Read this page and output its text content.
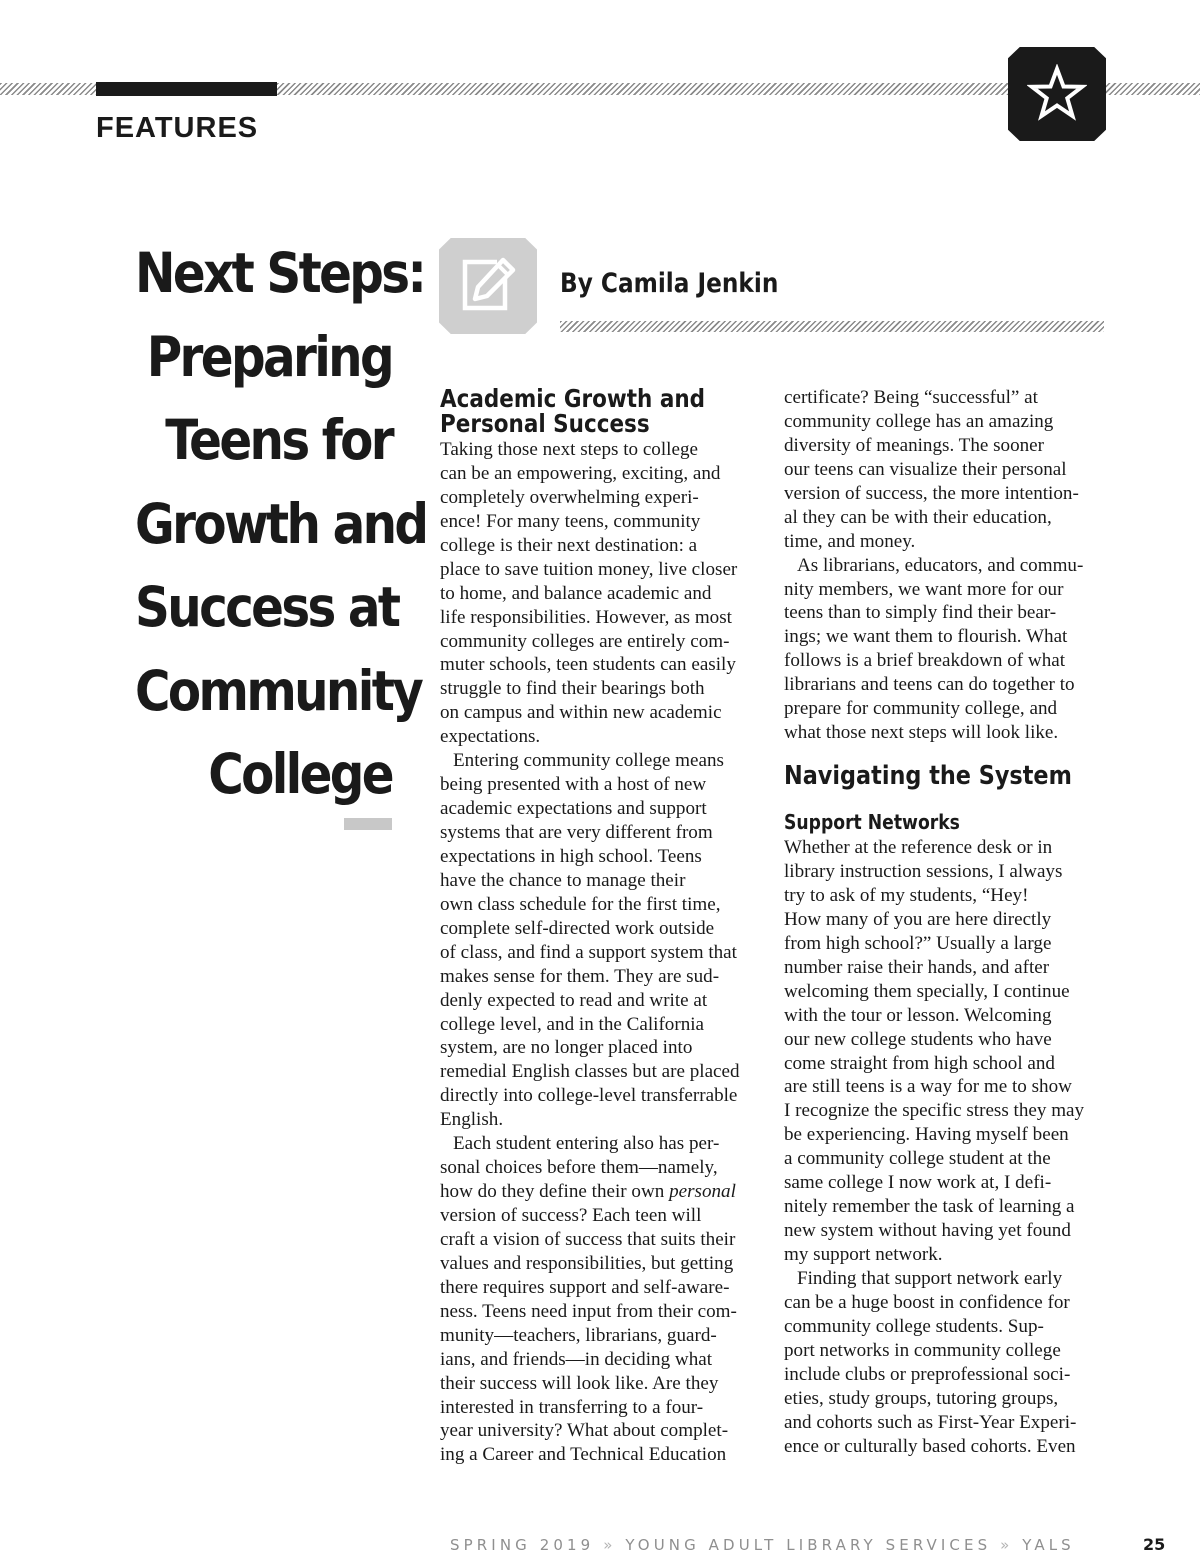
FEATURES
Next Steps:
Preparing
Teens for
Growth and
Success at
Community
College
By Camila Jenkin
Academic Growth and
Personal Success
Taking those next steps to college
can be an empowering, exciting, and
completely overwhelming experi-
ence! For many teens, community
college is their next destination: a
place to save tuition money, live closer
to home, and balance academic and
life responsibilities. However, as most
community colleges are entirely com-
muter schools, teen students can easily
struggle to find their bearings both
on campus and within new academic
expectations.
Entering community college means
being presented with a host of new
academic expectations and support
systems that are very different from
expectations in high school. Teens
have the chance to manage their
own class schedule for the first time,
complete self-directed work outside
of class, and find a support system that
makes sense for them. They are sud-
denly expected to read and write at
college level, and in the California
system, are no longer placed into
remedial English classes but are placed
directly into college-level transferrable
English.
Each student entering also has per-
sonal choices before them—namely,
how do they define their own personal
version of success? Each teen will
craft a vision of success that suits their
values and responsibilities, but getting
there requires support and self-aware-
ness. Teens need input from their com-
munity—teachers, librarians, guard-
ians, and friends—in deciding what
their success will look like. Are they
interested in transferring to a four-
year university? What about complet-
ing a Career and Technical Education
certificate? Being “successful” at
community college has an amazing
diversity of meanings. The sooner
our teens can visualize their personal
version of success, the more intention-
al they can be with their education,
time, and money.
As librarians, educators, and commu-
nity members, we want more for our
teens than to simply find their bear-
ings; we want them to flourish. What
follows is a brief breakdown of what
librarians and teens can do together to
prepare for community college, and
what those next steps will look like.
Navigating the System
Support Networks
Whether at the reference desk or in
library instruction sessions, I always
try to ask of my students, “Hey!
How many of you are here directly
from high school?” Usually a large
number raise their hands, and after
welcoming them specially, I continue
with the tour or lesson. Welcoming
our new college students who have
come straight from high school and
are still teens is a way for me to show
I recognize the specific stress they may
be experiencing. Having myself been
a community college student at the
same college I now work at, I defi-
nitely remember the task of learning a
new system without having yet found
my support network.
Finding that support network early
can be a huge boost in confidence for
community college students. Sup-
port networks in community college
include clubs or preprofessional soci-
eties, study groups, tutoring groups,
and cohorts such as First-Year Experi-
ence or culturally based cohorts. Even
SPRING 2019 » YOUNG ADULT LIBRARY SERVICES » YALS	25
